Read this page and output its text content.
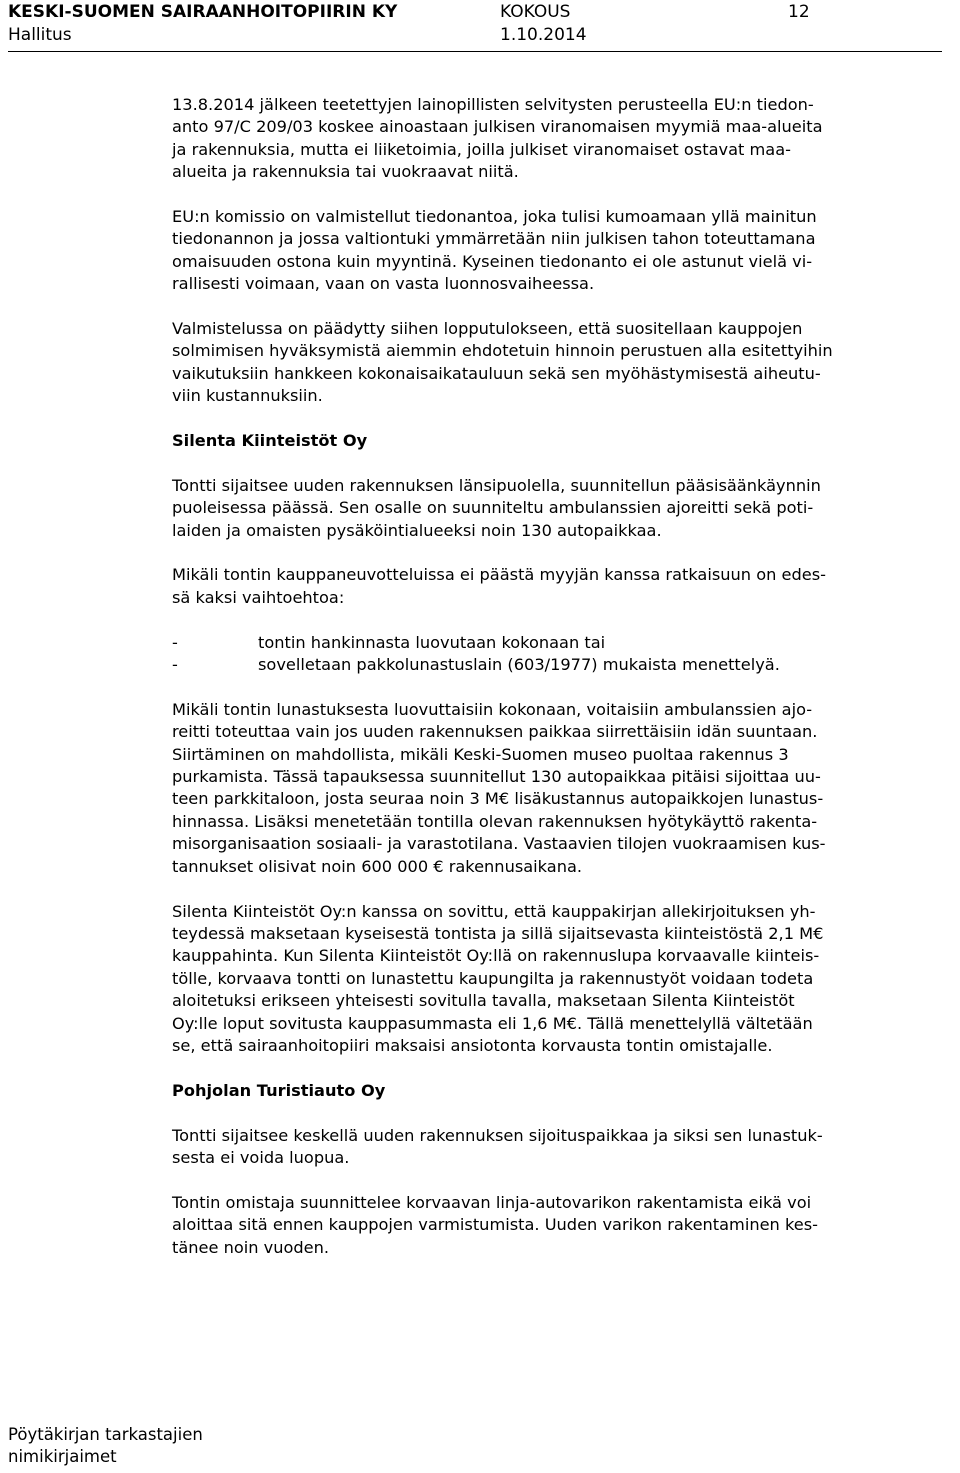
KESKI-SUOMEN SAIRAANHOITOPIIRIN KY	KOKOUS	12
Hallitus	1.10.2014

13.8.2014 jälkeen teetettyjen lainopillisten selvitysten perusteella EU:n tiedon-
anto 97/C 209/03 koskee ainoastaan julkisen viranomaisen myymiä maa-alueita
ja rakennuksia, mutta ei liiketoimia, joilla julkiset viranomaiset ostavat maa-
alueita ja rakennuksia tai vuokraavat niitä.

EU:n komissio on valmistellut tiedonantoa, joka tulisi kumoamaan yllä mainitun
tiedonannon ja jossa valtiontuki ymmärretään niin julkisen tahon toteuttamana
omaisuuden ostona kuin myyntinä. Kyseinen tiedonanto ei ole astunut vielä vi-
rallisesti voimaan, vaan on vasta luonnosvaiheessa.

Valmistelussa on päädytty siihen lopputulokseen, että suositellaan kauppojen
solmimisen hyväksymistä aiemmin ehdotetuin hinnoin perustuen alla esitettyihin
vaikutuksiin hankkeen kokonaisaikatauluun sekä sen myöhästymisestä aiheutu-
viin kustannuksiin.

Silenta Kiinteistöt Oy

Tontti sijaitsee uuden rakennuksen länsipuolella, suunnitellun pääsisäänkäynnin
puoleisessa päässä. Sen osalle on suunniteltu ambulanssien ajoreitti sekä poti-
laiden ja omaisten pysäköintialueeksi noin 130 autopaikkaa.

Mikäli tontin kauppaneuvotteluissa ei päästä myyjän kanssa ratkaisuun on edes-
sä kaksi vaihtoehtoa:

-	tontin hankinnasta luovutaan kokonaan tai
-	sovelletaan pakkolunastuslain (603/1977) mukaista menettelyä.

Mikäli tontin lunastuksesta luovuttaisiin kokonaan, voitaisiin ambulanssien ajo-
reitti toteuttaa vain jos uuden rakennuksen paikkaa siirrettäisiin idän suuntaan.
Siirtäminen on mahdollista, mikäli Keski-Suomen museo puoltaa rakennus 3
purkamista. Tässä tapauksessa suunnitellut 130 autopaikkaa pitäisi sijoittaa uu-
teen parkkitaloon, josta seuraa noin 3 M€ lisäkustannus autopaikkojen lunastus-
hinnassa. Lisäksi menetetään tontilla olevan rakennuksen hyötykäyttö rakenta-
misorganisaation sosiaali- ja varastotilana. Vastaavien tilojen vuokraamisen kus-
tannukset olisivat noin 600 000 € rakennusaikana.

Silenta Kiinteistöt Oy:n kanssa on sovittu, että kauppakirjan allekirjoituksen yh-
teydessä maksetaan kyseisestä tontista ja sillä sijaitsevasta kiinteistöstä 2,1 M€
kauppahinta. Kun Silenta Kiinteistöt Oy:llä on rakennuslupa korvaavalle kiinteis-
tölle, korvaava tontti on lunastettu kaupungilta ja rakennustyöt voidaan todeta
aloitetuksi erikseen yhteisesti sovitulla tavalla, maksetaan Silenta Kiinteistöt
Oy:lle loput sovitusta kauppasummasta eli 1,6 M€. Tällä menettelyllä vältetään
se, että sairaanhoitopiiri maksaisi ansiotonta korvausta tontin omistajalle.

Pohjolan Turistiauto Oy

Tontti sijaitsee keskellä uuden rakennuksen sijoituspaikkaa ja siksi sen lunastuk-
sesta ei voida luopua.

Tontin omistaja suunnittelee korvaavan linja-autovarikon rakentamista eikä voi
aloittaa sitä ennen kauppojen varmistumista. Uuden varikon rakentaminen kes-
tänee noin vuoden.

Pöytäkirjan tarkastajien
nimikirjaimet
